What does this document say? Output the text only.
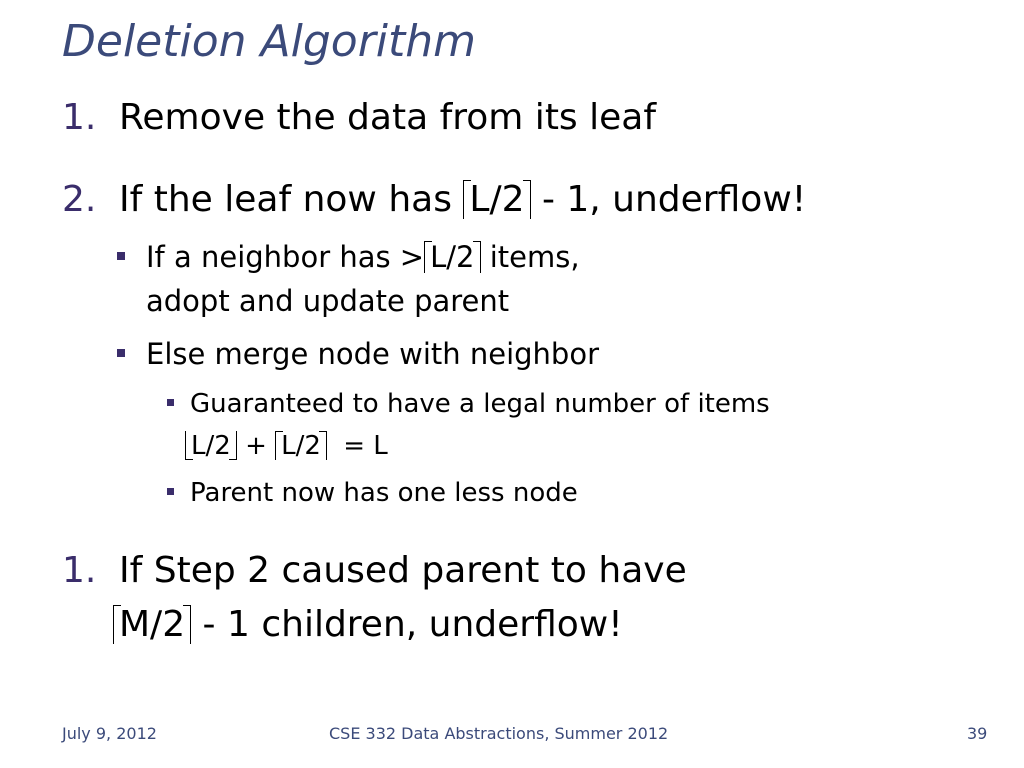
Deletion Algorithm
1. Remove the data from its leaf
2. If the leaf now has L/2 - 1, underflow!
If a neighbor has > L/2 items,
adopt and update parent
Else merge node with neighbor
Guaranteed to have a legal number of items
L/2 + L/2 = L
Parent now has one less node
1. If Step 2 caused parent to have
M/2 - 1 children, underflow!
July 9, 2012	CSE 332 Data Abstractions, Summer 2012	39
